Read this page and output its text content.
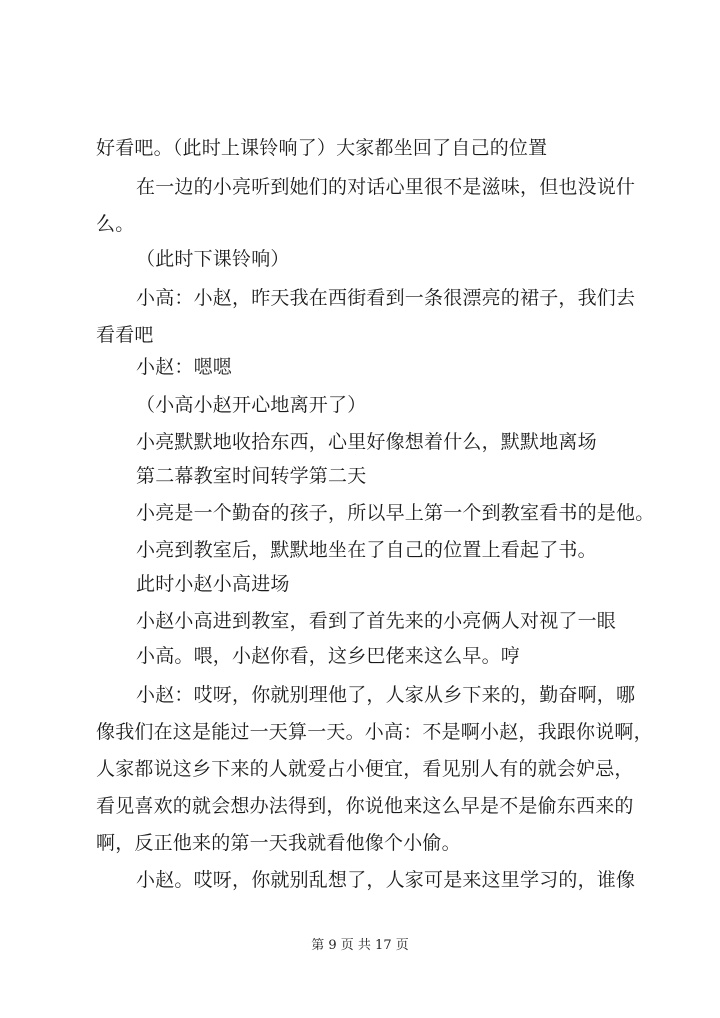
好看吧。（此时上课铃响了）大家都坐回了自己的位置
在一边的小亮听到她们的对话心里很不是滋味，但也没说什
么。
（此时下课铃响）
小高：小赵，昨天我在西街看到一条很漂亮的裙子，我们去
看看吧
小赵：嗯嗯
（小高小赵开心地离开了）
小亮默默地收拾东西，心里好像想着什么，默默地离场
第二幕教室时间转学第二天
小亮是一个勤奋的孩子，所以早上第一个到教室看书的是他。
小亮到教室后，默默地坐在了自己的位置上看起了书。
此时小赵小高进场
小赵小高进到教室，看到了首先来的小亮俩人对视了一眼
小高。喂，小赵你看，这乡巴佬来这么早。哼
小赵：哎呀，你就别理他了，人家从乡下来的，勤奋啊，哪
像我们在这是能过一天算一天。小高：不是啊小赵，我跟你说啊，
人家都说这乡下来的人就爱占小便宜，看见别人有的就会妒忌，
看见喜欢的就会想办法得到，你说他来这么早是不是偷东西来的
啊，反正他来的第一天我就看他像个小偷。
小赵。哎呀，你就别乱想了，人家可是来这里学习的，谁像
第 9 页 共 17 页
